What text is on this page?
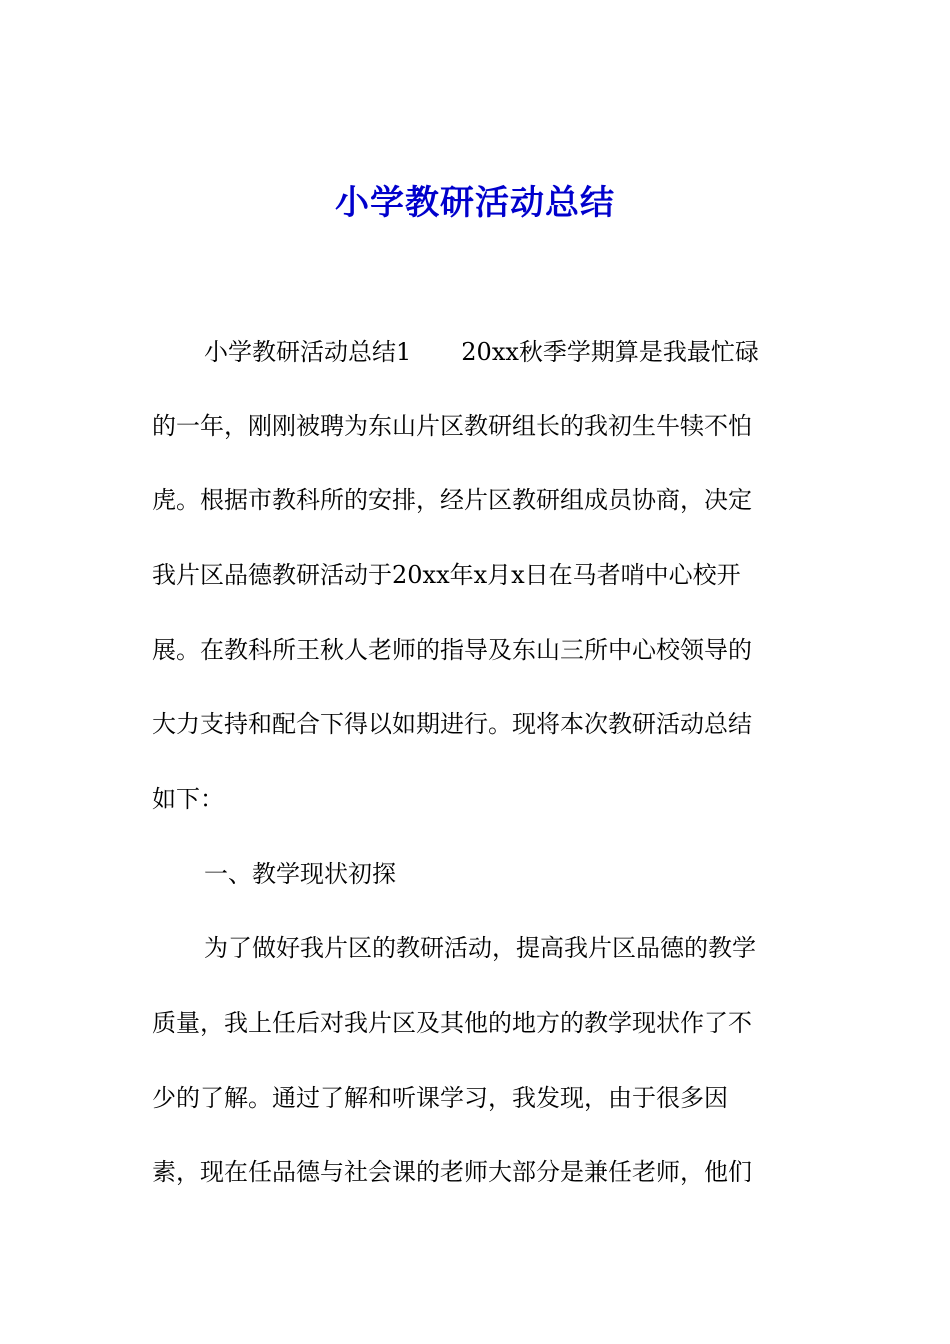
小学教研活动总结
小学教研活动总结1 20xx秋季学期算是我最忙碌
的一年，刚刚被聘为东山片区教研组长的我初生牛犊不怕
虎。根据市教科所的安排，经片区教研组成员协商，决定
我片区品德教研活动于20xx年x月x日在马者哨中心校开
展。在教科所王秋人老师的指导及东山三所中心校领导的
大力支持和配合下得以如期进行。现将本次教研活动总结
如下：
一、教学现状初探
为了做好我片区的教研活动，提高我片区品德的教学
质量，我上任后对我片区及其他的地方的教学现状作了不
少的了解。通过了解和听课学习，我发现，由于很多因
素，现在任品德与社会课的老师大部分是兼任老师，他们
